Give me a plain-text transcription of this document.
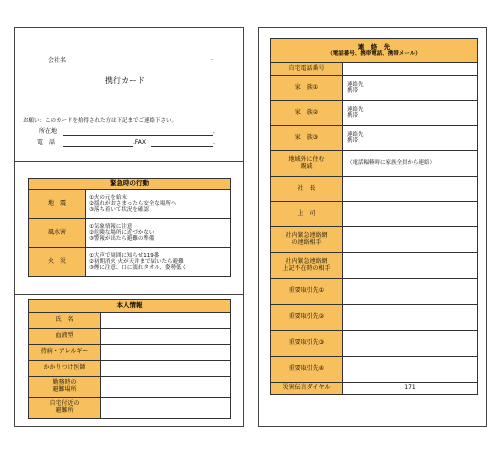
会社名	.
携行カード
お願い：このカードを拾得された方は下記までご連絡下さい。
所在地	.
電　話	.FAX	.
緊急時の行動	
地　震	①火の元を始末
②揺れがおさまったら安全な場所へ
③落ち着いて状況を確認
風水害	①気象情報に注意
②危険な場所に近づかない
③警報が出たら避難の準備
火　災	①大声で周囲に知らせ119番
②初期消火 火が天井まで届いたら避難
③煙に注意、口に濡れタオル、姿勢低く
本人情報	
氏　名	
血液型	
持病・アレルギー	
かかりつけ医師	
勤務時の
避難場所	
自宅付近の
避難所	
連　絡　先
（電話番号、携帯電話、携帯メール）	

自宅電話番号	
家　族①	連絡先
携帯

家　族②	連絡先
携帯

家　族③	連絡先
携帯

地域外に住む
親戚	（電話輻輳時に家族全員から連絡）
社　長	
上　司	
社内緊急連絡網
の連絡相手	
社内緊急連絡網
上記不在時の相手	
重要取引先①	
重要取引先②	
重要取引先③	
重要取引先④	
災害伝言ダイヤル	171
